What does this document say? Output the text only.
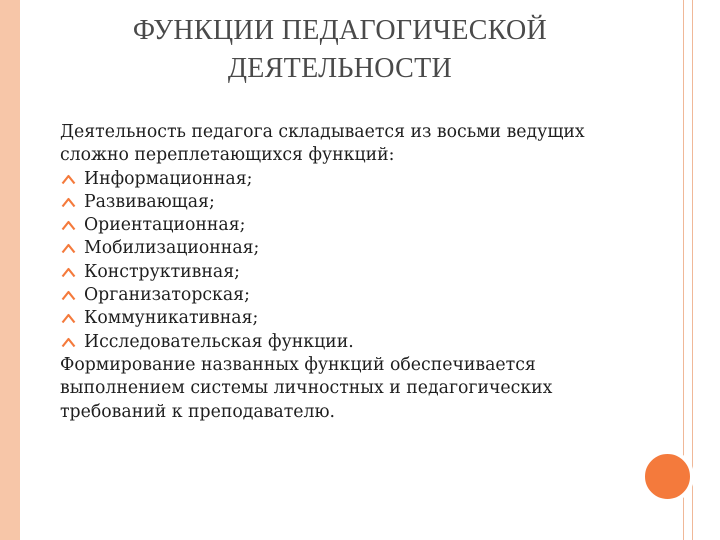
ФУНКЦИИ ПЕДАГОГИЧЕСКОЙ
ДЕЯТЕЛЬНОСТИ

Деятельность педагога складывается из восьми ведущих сложно переплетающихся функций:

Информационная;
Развивающая;
Ориентационная;
Мобилизационная;
Конструктивная;
Организаторская;
Коммуникативная;
Исследовательская функции.

Формирование названных функций обеспечивается выполнением системы личностных и педагогических требований к преподавателю.
